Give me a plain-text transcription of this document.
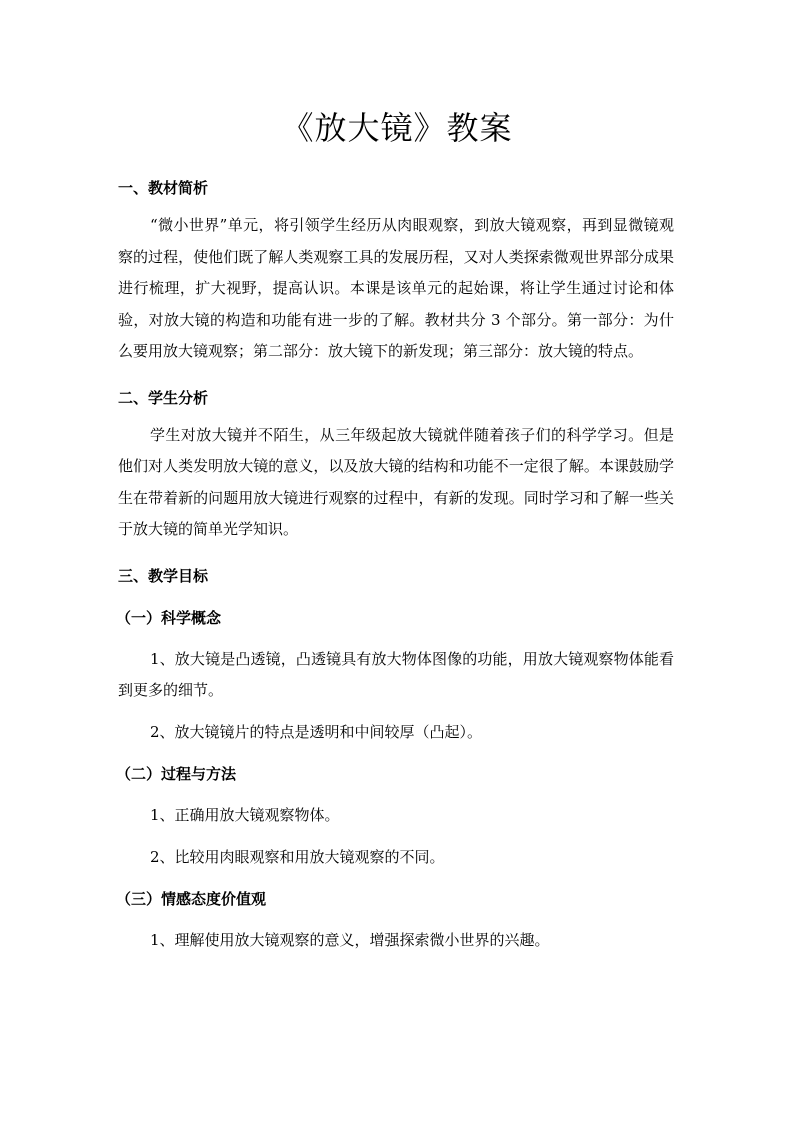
《放大镜》教案

一、教材简析

“微小世界”单元，将引领学生经历从肉眼观察，到放大镜观察，再到显微镜观察的过程，使他们既了解人类观察工具的发展历程，又对人类探索微观世界部分成果进行梳理，扩大视野，提高认识。本课是该单元的起始课，将让学生通过讨论和体验，对放大镜的构造和功能有进一步的了解。教材共分 3 个部分。第一部分：为什么要用放大镜观察；第二部分：放大镜下的新发现；第三部分：放大镜的特点。

二、学生分析

学生对放大镜并不陌生，从三年级起放大镜就伴随着孩子们的科学学习。但是他们对人类发明放大镜的意义，以及放大镜的结构和功能不一定很了解。本课鼓励学生在带着新的问题用放大镜进行观察的过程中，有新的发现。同时学习和了解一些关于放大镜的简单光学知识。

三、教学目标

（一）科学概念

1、放大镜是凸透镜，凸透镜具有放大物体图像的功能，用放大镜观察物体能看到更多的细节。

2、放大镜镜片的特点是透明和中间较厚（凸起）。

（二）过程与方法

1、正确用放大镜观察物体。

2、比较用肉眼观察和用放大镜观察的不同。

（三）情感态度价值观

1、理解使用放大镜观察的意义，增强探索微小世界的兴趣。
